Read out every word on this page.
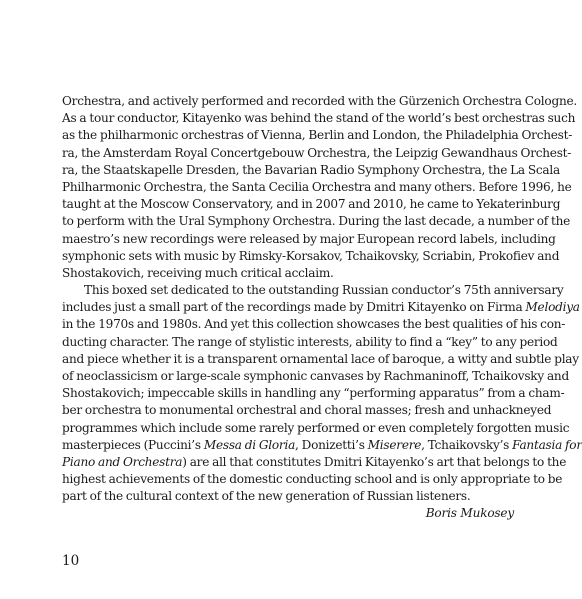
Orchestra, and actively performed and recorded with the Gürzenich Orchestra Cologne.
As a tour conductor, Kitayenko was behind the stand of the world’s best orchestras such
as the philharmonic orchestras of Vienna, Berlin and London, the Philadelphia Orchest-
ra, the Amsterdam Royal Concertgebouw Orchestra, the Leipzig Gewandhaus Orchest-
ra, the Staatskapelle Dresden, the Bavarian Radio Symphony Orchestra, the La Scala
Philharmonic Orchestra, the Santa Cecilia Orchestra and many others. Before 1996, he
taught at the Moscow Conservatory, and in 2007 and 2010, he came to Yekaterinburg
to perform with the Ural Symphony Orchestra. During the last decade, a number of the
maestro’s new recordings were released by major European record labels, including
symphonic sets with music by Rimsky-Korsakov, Tchaikovsky, Scriabin, Prokofiev and
Shostakovich, receiving much critical acclaim.
This boxed set dedicated to the outstanding Russian conductor’s 75th anniversary
includes just a small part of the recordings made by Dmitri Kitayenko on Firma Melodiya
in the 1970s and 1980s. And yet this collection showcases the best qualities of his con-
ducting character. The range of stylistic interests, ability to find a “key” to any period
and piece whether it is a transparent ornamental lace of baroque, a witty and subtle play
of neoclassicism or large-scale symphonic canvases by Rachmaninoff, Tchaikovsky and
Shostakovich; impeccable skills in handling any “performing apparatus” from a cham-
ber orchestra to monumental orchestral and choral masses; fresh and unhackneyed
programmes which include some rarely performed or even completely forgotten music
masterpieces (Puccini’s Messa di Gloria, Donizetti’s Miserere, Tchaikovsky’s Fantasia for
Piano and Orchestra) are all that constitutes Dmitri Kitayenko’s art that belongs to the
highest achievements of the domestic conducting school and is only appropriate to be
part of the cultural context of the new generation of Russian listeners.
Boris Mukosey
10
